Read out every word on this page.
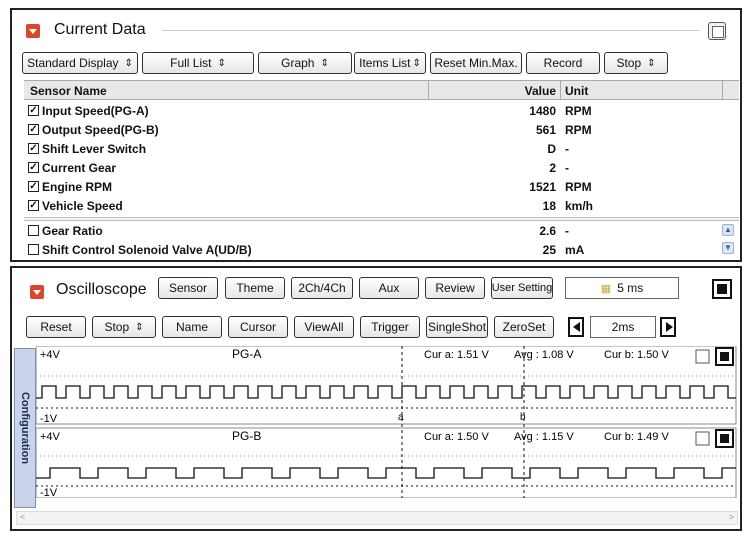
Current Data
Standard Display ⇕	Full List ⇕	Graph ⇕	Items List ⇕ Reset Min.Max. Record	Stop ⇕
Sensor Name	Value Unit
✓ Input Speed(PG-A)	1480 RPM
✓ Output Speed(PG-B)	561 RPM
✓ Shift Lever Switch	D -
✓ Current Gear	2 -
✓ Engine RPM	1521 RPM
✓ Vehicle Speed	18 km/h
Gear Ratio	2.6 -
Shift Control Solenoid Valve A(UD/B)	25 mA
▲
▼
Oscilloscope Sensor Theme 2Ch/4Ch	Aux	Review User Setting	▦ 5 ms
Reset	Stop ⇕	Name	Cursor ViewAll Trigger SingleShot ZeroSet	2ms
Configuration
+4V	PG-A	Cur a: 1.51 V Avg : 1.08 V	Cur b: 1.50 V
-1V	a	b
+4V	PG-B	Cur a: 1.50 V Avg : 1.15 V	Cur b: 1.49 V
-1V
<	>
